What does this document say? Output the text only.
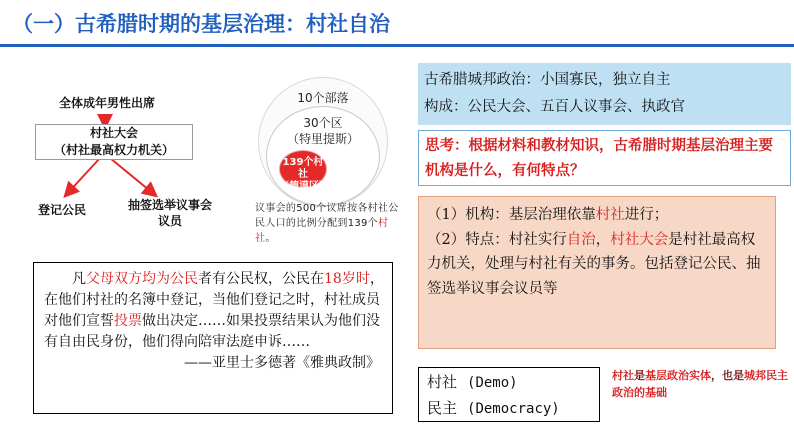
（一）古希腊时期的基层治理：村社自治
全体成年男性出席
村社大会
（村社最高权力机关）
登记公民	抽签选举议事会
议员
10个部落
30个区
（特里提斯）
139个村社
（德谟区）
议事会的500个议席按各村社公民人口的比例分配到139个村社。
凡父母双方均为公民者有公民权，公民在18岁时，在他们村社的名簿中登记，当他们登记之时，村社成员对他们宣誓投票做出决定……如果投票结果认为他们没有自由民身份，他们得向陪审法庭申诉……
——亚里士多德著《雅典政制》
古希腊城邦政治：小国寡民，独立自主
构成：公民大会、五百人议事会、执政官
思考：根据材料和教材知识，古希腊时期基层治理主要机构是什么，有何特点？
（1）机构：基层治理依靠村社进行；
（2）特点：村社实行自治，村社大会是村社最高权力机关，处理与村社有关的事务。包括登记公民、抽签选举议事会议员等
村社 (Demo)
民主 (Democracy)
村社是基层政治实体，也是城邦民主政治的基础
